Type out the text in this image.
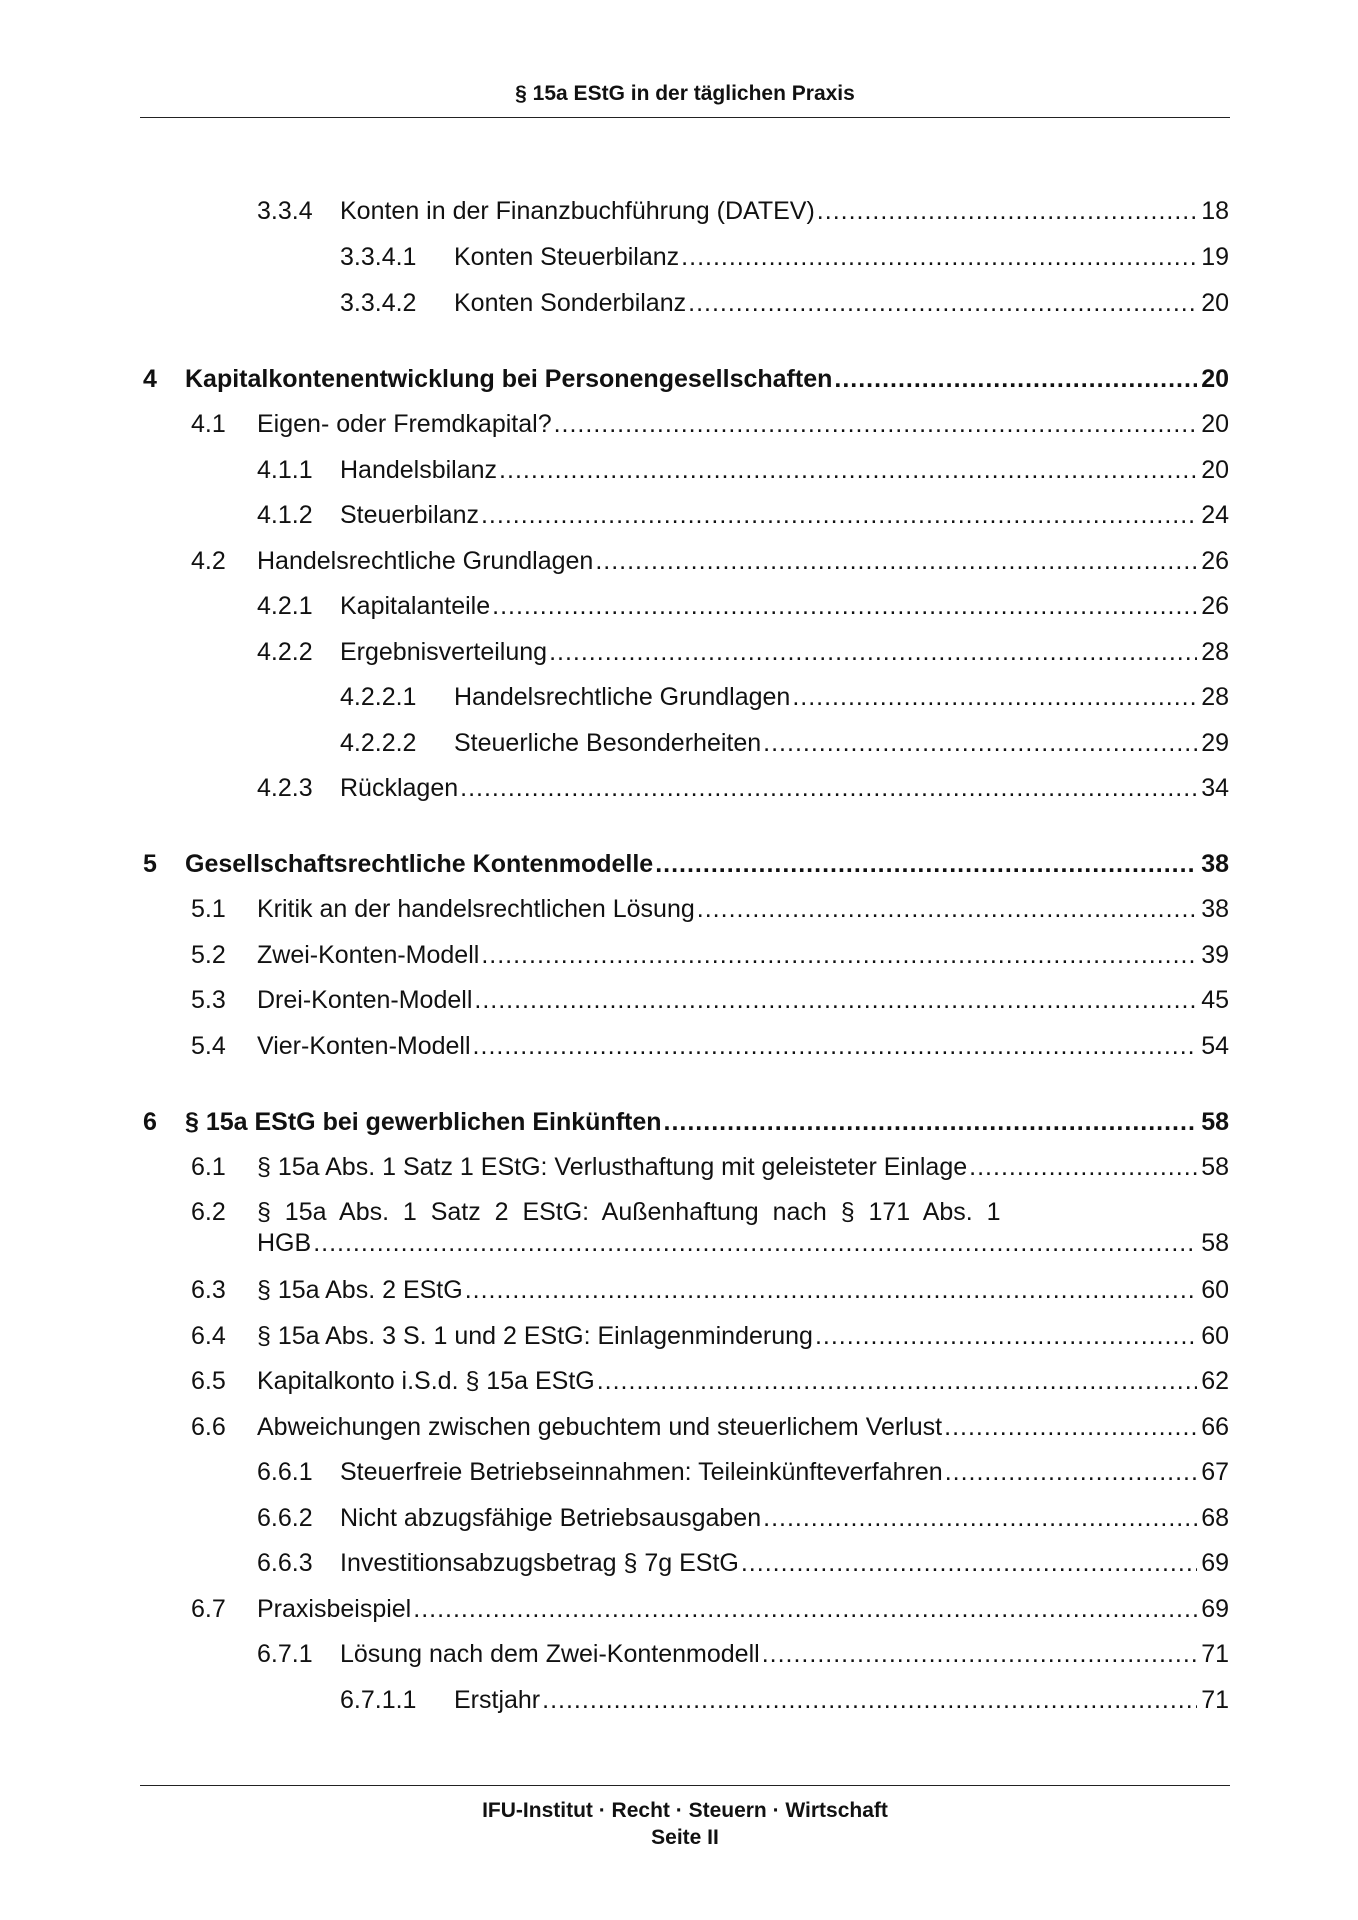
§ 15a EStG in der täglichen Praxis
3.3.4	Konten in der Finanzbuchführung (DATEV) .....	18
3.3.4.1	Konten Steuerbilanz .....	19
3.3.4.2	Konten Sonderbilanz .....	20
4	Kapitalkontenentwicklung bei Personengesellschaften .....	20
4.1	Eigen- oder Fremdkapital? .....	20
4.1.1	Handelsbilanz .....	20
4.1.2	Steuerbilanz .....	24
4.2	Handelsrechtliche Grundlagen .....	26
4.2.1	Kapitalanteile .....	26
4.2.2	Ergebnisverteilung .....	28
4.2.2.1	Handelsrechtliche Grundlagen .....	28
4.2.2.2	Steuerliche Besonderheiten .....	29
4.2.3	Rücklagen .....	34
5	Gesellschaftsrechtliche Kontenmodelle .....	38
5.1	Kritik an der handelsrechtlichen Lösung .....	38
5.2	Zwei-Konten-Modell .....	39
5.3	Drei-Konten-Modell .....	45
5.4	Vier-Konten-Modell .....	54
6	§ 15a EStG bei gewerblichen Einkünften .....	58
6.1	§ 15a Abs. 1 Satz 1 EStG: Verlusthaftung mit geleisteter Einlage .....	58
6.2	§  15a  Abs.  1  Satz  2  EStG:  Außenhaftung  nach  §  171  Abs.  1
HGB .....	58
6.3	§ 15a Abs. 2 EStG .....	60
6.4	§ 15a Abs. 3 S. 1 und 2 EStG: Einlagenminderung .....	60
6.5	Kapitalkonto i.S.d. § 15a EStG .....	62
6.6	Abweichungen zwischen gebuchtem und steuerlichem Verlust .....	66
6.6.1	Steuerfreie Betriebseinnahmen: Teileinkünfteverfahren .....	67
6.6.2	Nicht abzugsfähige Betriebsausgaben .....	68
6.6.3	Investitionsabzugsbetrag § 7g EStG .....	69
6.7	Praxisbeispiel .....	69
6.7.1	Lösung nach dem Zwei-Kontenmodell .....	71
6.7.1.1	Erstjahr .....	71
IFU-Institut · Recht · Steuern · Wirtschaft
Seite II
